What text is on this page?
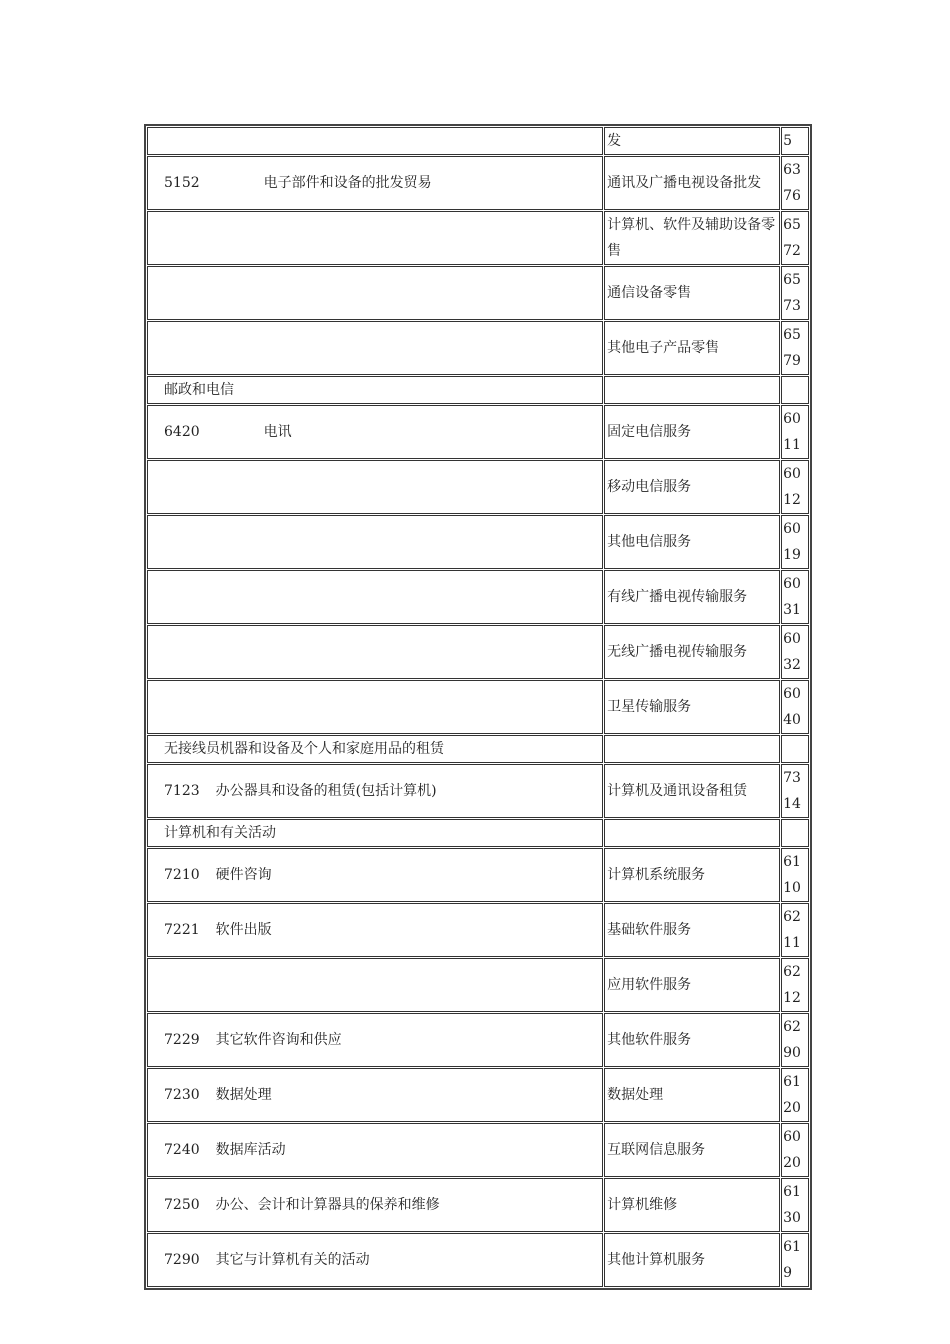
	发	5
5152 电子部件和设备的批发贸易	通讯及广播电视设备批发	6376

	计算机、软件及辅助设备零售	6572

	通信设备零售	6573

	其他电子产品零售	6579
邮政和电信	

6420 电讯	固定电信服务	6011

	移动电信服务	6012

	其他电信服务	6019

	有线广播电视传输服务	6031

	无线广播电视传输服务	6032

	卫星传输服务	6040
无接线员机器和设备及个人和家庭用品的租赁	

7123 办公器具和设备的租赁(包括计算机)	计算机及通讯设备租赁	7314
计算机和有关活动	

7210 硬件咨询	计算机系统服务	6110
7221 软件出版	基础软件服务	6211

	应用软件服务	6212
7229 其它软件咨询和供应	其他软件服务	6290
7230 数据处理	数据处理	6120
7240 数据库活动	互联网信息服务	6020
7250 办公、会计和计算器具的保养和维修	计算机维修	6130
7290 其它与计算机有关的活动	其他计算机服务	619
